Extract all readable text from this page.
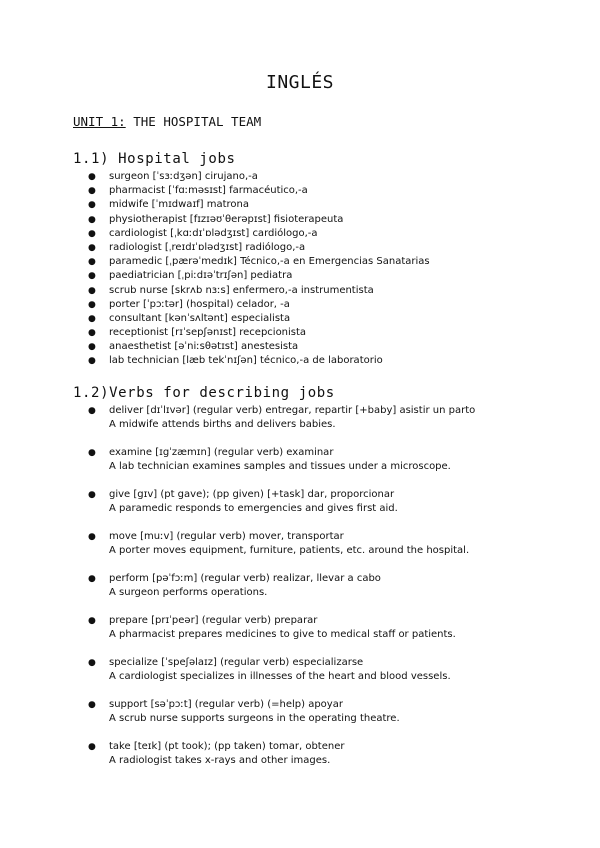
INGLÉS
UNIT 1: THE HOSPITAL TEAM
1.1) Hospital jobs
● surgeon [ˈsɜːdʒən] cirujano,-a
● pharmacist [ˈfɑːməsɪst] farmacéutico,-a
● midwife [ˈmɪdwaɪf] matrona
● physiotherapist [fɪzɪəʊˈθerəpɪst] fisioterapeuta
● cardiologist [ˌkɑːdɪˈɒlədʒɪst] cardiólogo,-a
● radiologist [ˌreɪdɪˈɒlədʒɪst] radiólogo,-a
● paramedic [ˌpærəˈmedɪk] Técnico,-a en Emergencias Sanatarias
● paediatrician [ˌpiːdɪəˈtrɪʃən] pediatra
● scrub nurse [skrʌb nɜːs] enfermero,-a instrumentista
● porter [ˈpɔːtər] (hospital) celador, -a
● consultant [kənˈsʌltənt] especialista
● receptionist [rɪˈsepʃənɪst] recepcionista
● anaesthetist [əˈniːsθətɪst] anestesista
● lab technician [læb tekˈnɪʃən] técnico,-a de laboratorio
1.2)Verbs for describing jobs
● deliver [dɪˈlɪvər] (regular verb) entregar, repartir [+baby] asistir un parto
A midwife attends births and delivers babies.
● examine [ɪgˈzæmɪn] (regular verb) examinar
A lab technician examines samples and tissues under a microscope.
● give [gɪv] (pt gave); (pp given) [+task] dar, proporcionar
A paramedic responds to emergencies and gives first aid.
● move [muːv] (regular verb) mover, transportar
A porter moves equipment, furniture, patients, etc. around the hospital.
● perform [pəˈfɔːm] (regular verb) realizar, llevar a cabo
A surgeon performs operations.
● prepare [prɪˈpeər] (regular verb) preparar
A pharmacist prepares medicines to give to medical staff or patients.
● specialize [ˈspeʃəlaɪz] (regular verb) especializarse
A cardiologist specializes in illnesses of the heart and blood vessels.
● support [səˈpɔːt] (regular verb) (=help) apoyar
A scrub nurse supports surgeons in the operating theatre.
● take [teɪk] (pt took); (pp taken) tomar, obtener
A radiologist takes x-rays and other images.
